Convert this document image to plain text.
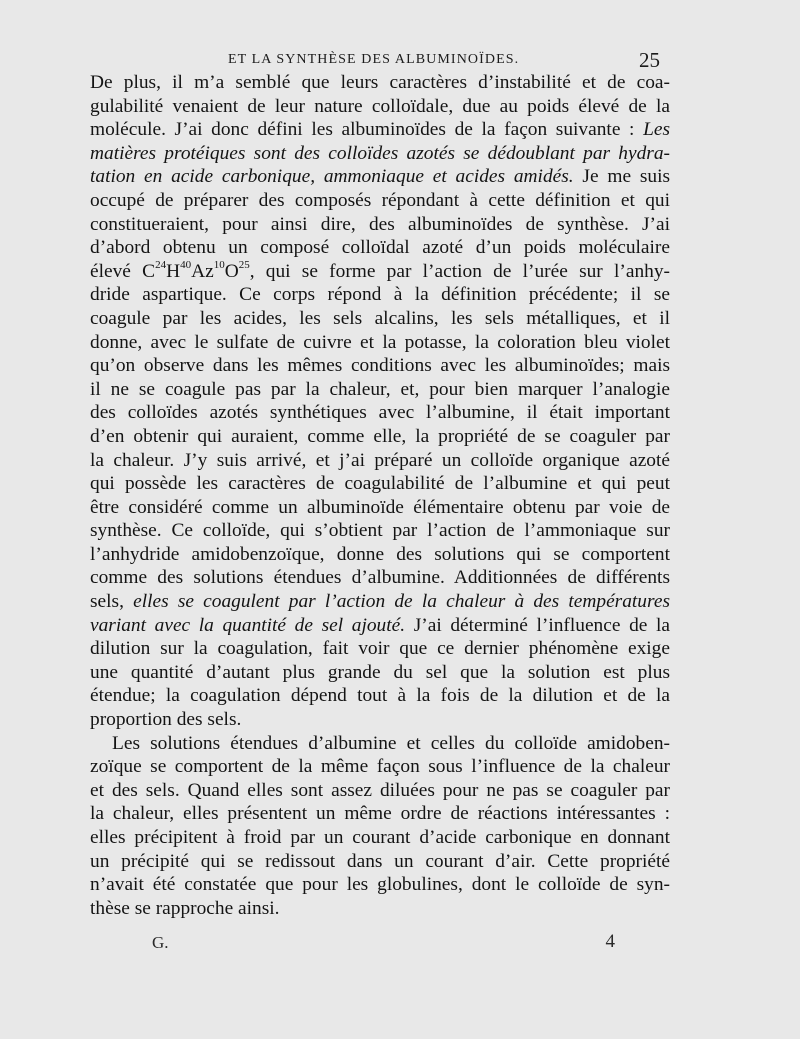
ET LA SYNTHÈSE DES ALBUMINOÏDES.	25
De plus, il m’a semblé que leurs caractères d’instabilité et de coa-
gulabilité venaient de leur nature colloïdale, due au poids élevé de la
molécule. J’ai donc défini les albuminoïdes de la façon suivante : Les
matières protéiques sont des colloïdes azotés se dédoublant par hydra-
tation en acide carbonique, ammoniaque et acides amidés. Je me suis
occupé de préparer des composés répondant à cette définition et qui
constitueraient, pour ainsi dire, des albuminoïdes de synthèse. J’ai
d’abord obtenu un composé colloïdal azoté d’un poids moléculaire
élevé $C^{24}H^{40}Az^{10}O^{25}$, qui se forme par l’action de l’urée sur l’anhy-
dride aspartique. Ce corps répond à la définition précédente; il se
coagule par les acides, les sels alcalins, les sels métalliques, et il
donne, avec le sulfate de cuivre et la potasse, la coloration bleu violet
qu’on observe dans les mêmes conditions avec les albuminoïdes; mais
il ne se coagule pas par la chaleur, et, pour bien marquer l’analogie
des colloïdes azotés synthétiques avec l’albumine, il était important
d’en obtenir qui auraient, comme elle, la propriété de se coaguler par
la chaleur. J’y suis arrivé, et j’ai préparé un colloïde organique azoté
qui possède les caractères de coagulabilité de l’albumine et qui peut
être considéré comme un albuminoïde élémentaire obtenu par voie de
synthèse. Ce colloïde, qui s’obtient par l’action de l’ammoniaque sur
l’anhydride amidobenzoïque, donne des solutions qui se comportent
comme des solutions étendues d’albumine. Additionnées de différents
sels, elles se coagulent par l’action de la chaleur à des températures
variant avec la quantité de sel ajouté. J’ai déterminé l’influence de la
dilution sur la coagulation, fait voir que ce dernier phénomène exige
une quantité d’autant plus grande du sel que la solution est plus
étendue; la coagulation dépend tout à la fois de la dilution et de la
proportion des sels.
Les solutions étendues d’albumine et celles du colloïde amidoben-
zoïque se comportent de la même façon sous l’influence de la chaleur
et des sels. Quand elles sont assez diluées pour ne pas se coaguler par
la chaleur, elles présentent un même ordre de réactions intéressantes :
elles précipitent à froid par un courant d’acide carbonique en donnant
un précipité qui se redissout dans un courant d’air. Cette propriété
n’avait été constatée que pour les globulines, dont le colloïde de syn-
thèse se rapproche ainsi.
G.	4
